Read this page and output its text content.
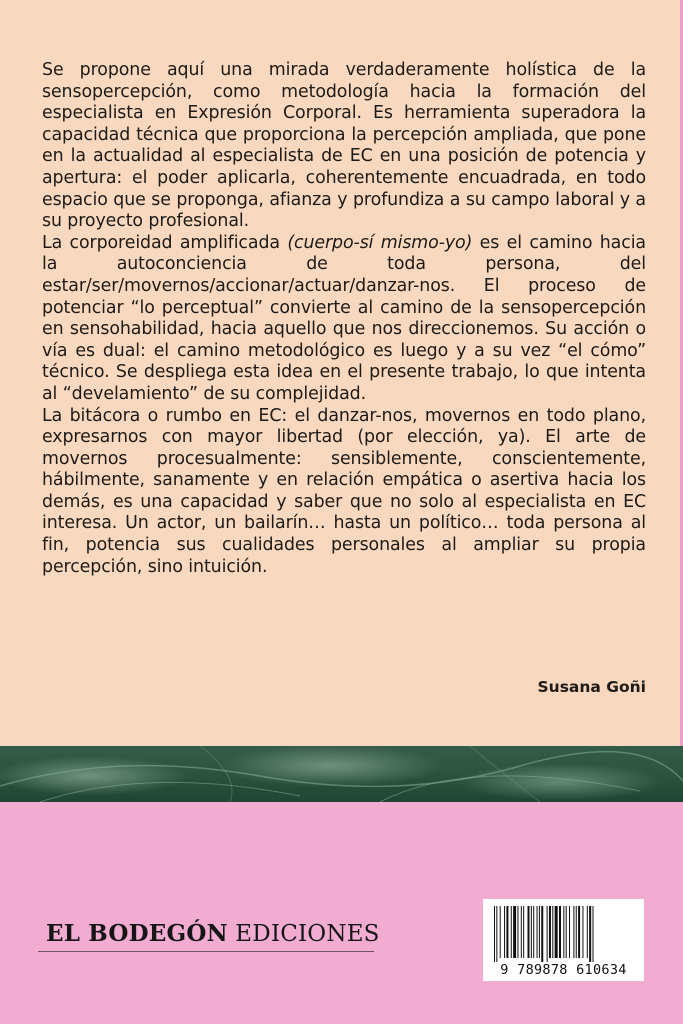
Se propone aquí una mirada verdaderamente holística de la sensopercepción, como metodología hacia la formación del especialista en Expresión Corporal. Es herramienta superadora la capacidad técnica que proporciona la percepción ampliada, que pone en la actualidad al especialista de EC en una posición de potencia y apertura: el poder aplicarla, coherentemente encuadrada, en todo espacio que se proponga, afianza y profundiza a su campo laboral y a su proyecto profesional.

La corporeidad amplificada (cuerpo-sí mismo-yo) es el camino hacia la autoconciencia de toda persona, del estar/ser/movernos/accionar/actuar/danzar-nos. El proceso de potenciar “lo perceptual” convierte al camino de la sensopercepción en sensohabilidad, hacia aquello que nos direccionemos. Su acción o vía es dual: el camino metodológico es luego y a su vez “el cómo” técnico. Se despliega esta idea en el presente trabajo, lo que intenta al “develamiento” de su complejidad.

La bitácora o rumbo en EC: el danzar-nos, movernos en todo plano, expresarnos con mayor libertad (por elección, ya). El arte de movernos procesualmente: sensiblemente, conscientemente, hábilmente, sanamente y en relación empática o asertiva hacia los demás, es una capacidad y saber que no solo al especialista en EC interesa. Un actor, un bailarín… hasta un político… toda persona al fin, potencia sus cualidades personales al ampliar su propia percepción, sino intuición.

Susana Goñi
EL BODEGÓN EDICIONES
9 789878 610634
